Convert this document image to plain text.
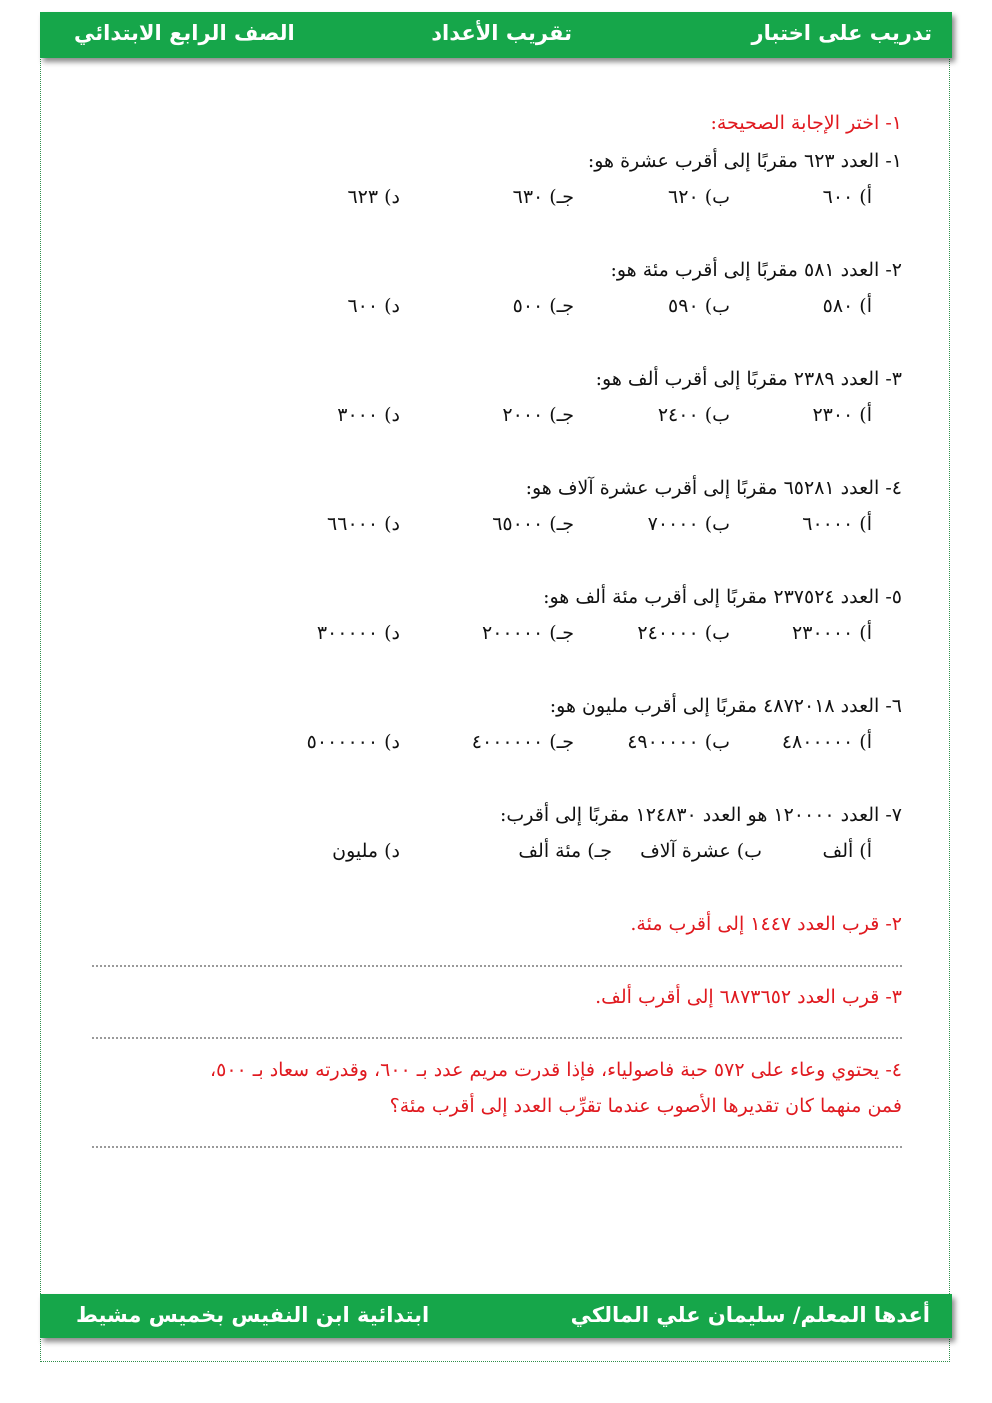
تدريب على اختبار
تقريب الأعداد
الصف الرابع الابتدائي
١- اختر الإجابة الصحيحة:
١- العدد ٦٢٣ مقربًا إلى أقرب عشرة هو:
أ) ٦٠٠
ب) ٦٢٠
جـ) ٦٣٠
د) ٦٢٣
٢- العدد ٥٨١ مقربًا إلى أقرب مئة هو:
أ) ٥٨٠
ب) ٥٩٠
جـ) ٥٠٠
د) ٦٠٠
٣- العدد ٢٣٨٩ مقربًا إلى أقرب ألف هو:
أ) ٢٣٠٠
ب) ٢٤٠٠
جـ) ٢٠٠٠
د) ٣٠٠٠
٤- العدد ٦٥٢٨١ مقربًا إلى أقرب عشرة آلاف هو:
أ) ٦٠٠٠٠
ب) ٧٠٠٠٠
جـ) ٦٥٠٠٠
د) ٦٦٠٠٠
٥- العدد ٢٣٧٥٢٤ مقربًا إلى أقرب مئة ألف هو:
أ) ٢٣٠٠٠٠
ب) ٢٤٠٠٠٠
جـ) ٢٠٠٠٠٠
د) ٣٠٠٠٠٠
٦- العدد ٤٨٧٢٠١٨ مقربًا إلى أقرب مليون هو:
أ) ٤٨٠٠٠٠٠
ب) ٤٩٠٠٠٠٠
جـ) ٤٠٠٠٠٠٠
د) ٥٠٠٠٠٠٠
٧- العدد ١٢٠٠٠٠ هو العدد ١٢٤٨٣٠ مقربًا إلى أقرب:
أ) ألف
ب) عشرة آلاف
جـ) مئة ألف
د) مليون
٢- قرب العدد ١٤٤٧ إلى أقرب مئة.
٣- قرب العدد ٦٨٧٣٦٥٢ إلى أقرب ألف.
٤- يحتوي وعاء على ٥٧٢ حبة فاصولياء، فإذا قدرت مريم عدد بـ ٦٠٠، وقدرته سعاد بـ ٥٠٠،
فمن منهما كان تقديرها الأصوب عندما تقرِّب العدد إلى أقرب مئة؟
أعدها المعلم/ سليمان علي المالكي
ابتدائية ابن النفيس بخميس مشيط
